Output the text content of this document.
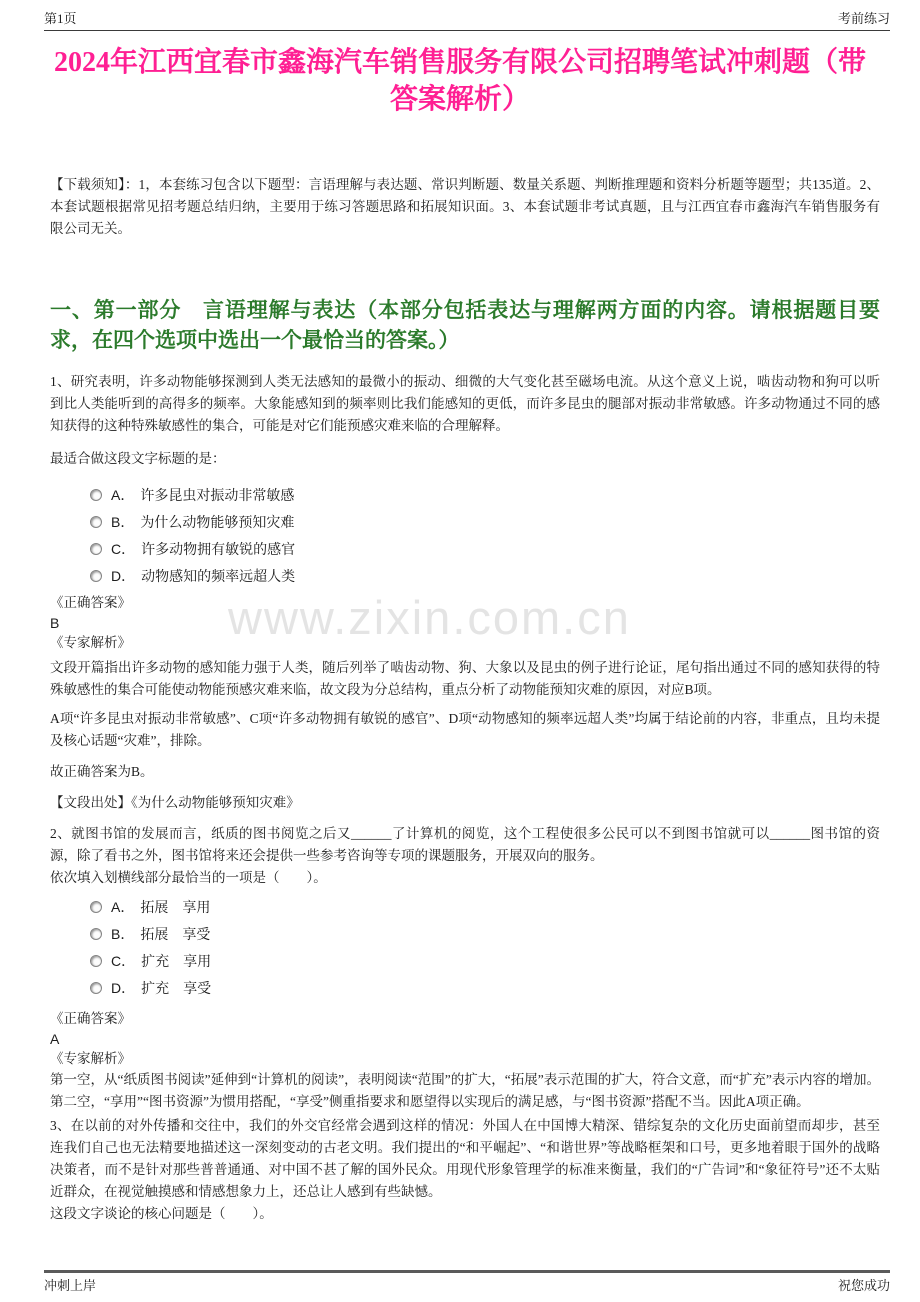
www.zixin.com.cn
第1页	考前练习
2024年江西宜春市鑫海汽车销售服务有限公司招聘笔试冲刺题（带答案解析）

【下载须知】：1，本套练习包含以下题型：言语理解与表达题、常识判断题、数量关系题、判断推理题和资料分析题等题型；共135道。2、本套试题根据常见招考题总结归纳，主要用于练习答题思路和拓展知识面。3、本套试题非考试真题，且与江西宜春市鑫海汽车销售服务有限公司无关。

一、第一部分　言语理解与表达（本部分包括表达与理解两方面的内容。请根据题目要求，在四个选项中选出一个最恰当的答案。）

1、研究表明，许多动物能够探测到人类无法感知的最微小的振动、细微的大气变化甚至磁场电流。从这个意义上说，啮齿动物和狗可以听到比人类能听到的高得多的频率。大象能感知到的频率则比我们能感知的更低，而许多昆虫的腿部对振动非常敏感。许多动物通过不同的感知获得的这种特殊敏感性的集合，可能是对它们能预感灾难来临的合理解释。

最适合做这段文字标题的是：

A． 许多昆虫对振动非常敏感
B． 为什么动物能够预知灾难
C． 许多动物拥有敏锐的感官
D． 动物感知的频率远超人类

《正确答案》

B

《专家解析》

文段开篇指出许多动物的感知能力强于人类，随后列举了啮齿动物、狗、大象以及昆虫的例子进行论证，尾句指出通过不同的感知获得的特殊敏感性的集合可能使动物能预感灾难来临，故文段为分总结构，重点分析了动物能预知灾难的原因，对应B项。

A项“许多昆虫对振动非常敏感”、C项“许多动物拥有敏锐的感官”、D项“动物感知的频率远超人类”均属于结论前的内容，非重点，且均未提及核心话题“灾难”，排除。

故正确答案为B。

【文段出处】《为什么动物能够预知灾难》

2、就图书馆的发展而言，纸质的图书阅览之后又______了计算机的阅览，这个工程使很多公民可以不到图书馆就可以______图书馆的资源，除了看书之外，图书馆将来还会提供一些参考咨询等专项的课题服务，开展双向的服务。

依次填入划横线部分最恰当的一项是（　　）。

A． 拓展　享用
B． 拓展　享受
C． 扩充　享用
D． 扩充　享受

《正确答案》

A

《专家解析》

第一空，从“纸质图书阅读”延伸到“计算机的阅读”，表明阅读“范围”的扩大，“拓展”表示范围的扩大，符合文意，而“扩充”表示内容的增加。第二空，“享用”“图书资源”为惯用搭配，“享受”侧重指要求和愿望得以实现后的满足感，与“图书资源”搭配不当。因此A项正确。

3、在以前的对外传播和交往中，我们的外交官经常会遇到这样的情况：外国人在中国博大精深、错综复杂的文化历史面前望而却步，甚至连我们自己也无法精要地描述这一深刻变动的古老文明。我们提出的“和平崛起”、“和谐世界”等战略框架和口号，更多地着眼于国外的战略决策者，而不是针对那些普普通通、对中国不甚了解的国外民众。用现代形象管理学的标准来衡量，我们的“广告词”和“象征符号”还不太贴近群众，在视觉触摸感和情感想象力上，还总让人感到有些缺憾。

这段文字谈论的核心问题是（　　）。

冲刺上岸	祝您成功
